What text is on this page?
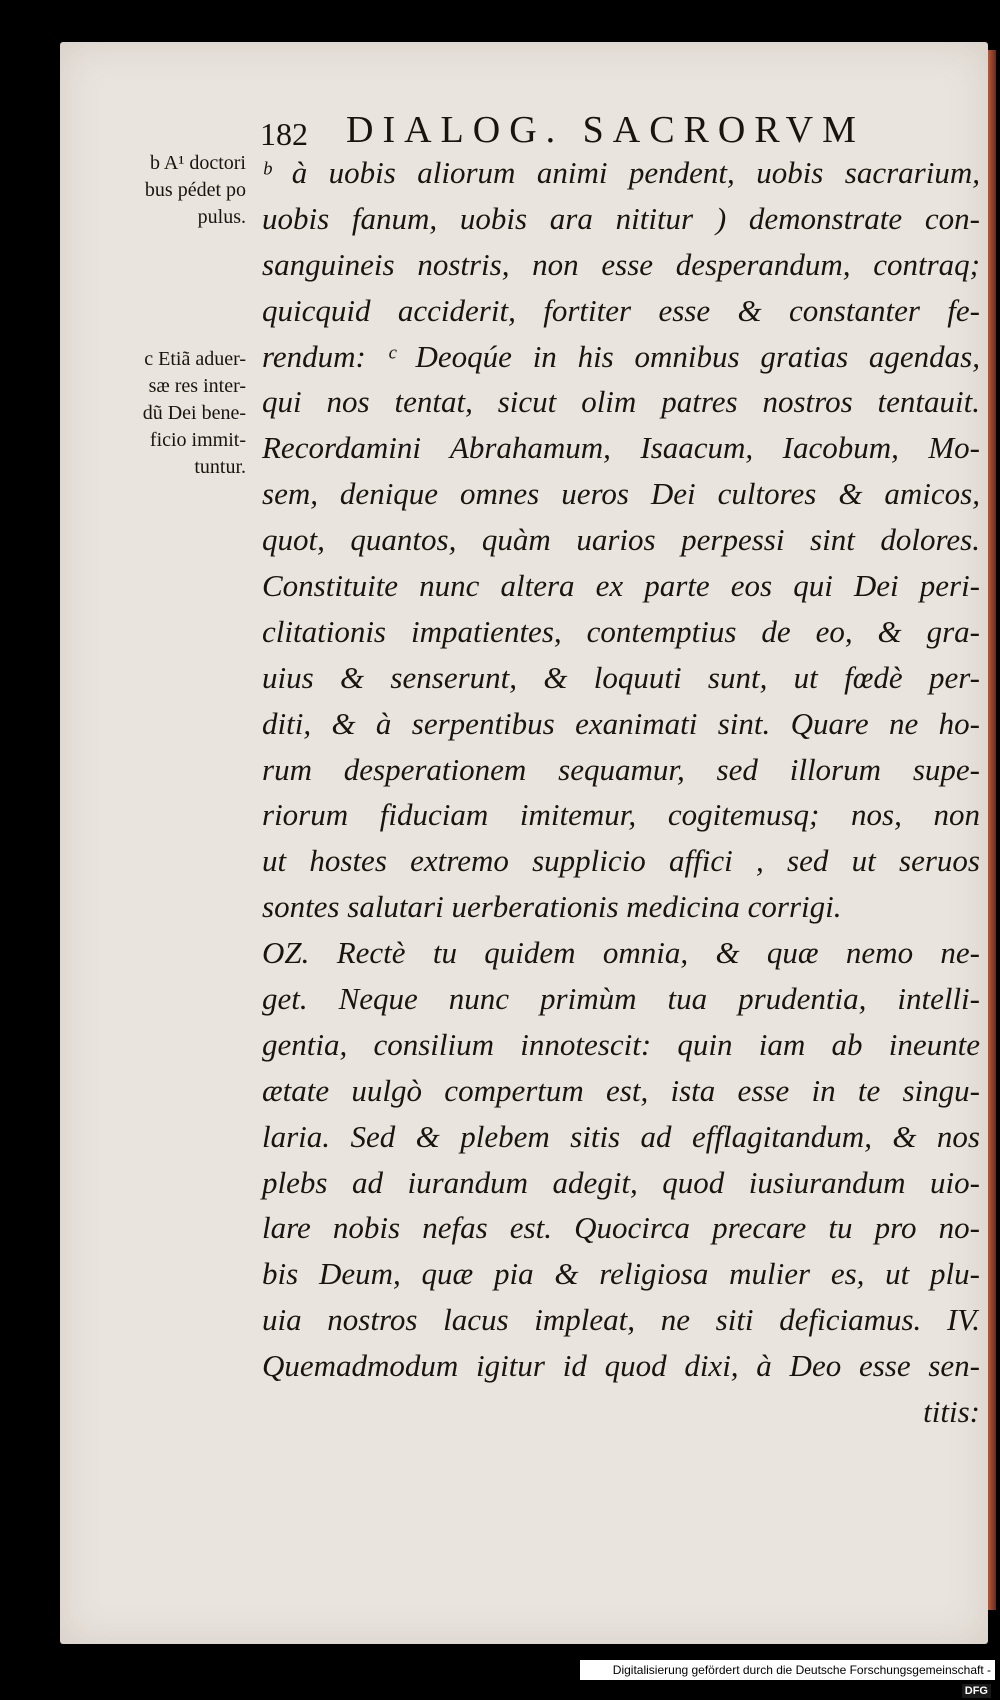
182 DIALOG. SACRORVM
b A¹ doctori
bus pédet po
pulus.
c Etiã aduer-
sæ res inter-
dũ Dei bene-
ficio immit-
tuntur.
ᵇ à uobis aliorum animi pendent, uobis sacrarium,
uobis fanum, uobis ara nititur ) demonstrate con-
sanguineis nostris, non esse desperandum, contraq;
quicquid acciderit, fortiter esse & constanter fe-
rendum: ᶜ Deoqúe in his omnibus gratias agendas,
qui nos tentat, sicut olim patres nostros tentauit.
Recordamini Abrahamum, Isaacum, Iacobum, Mo-
sem, denique omnes ueros Dei cultores & amicos,
quot, quantos, quàm uarios perpessi sint dolores.
Constituite nunc altera ex parte eos qui Dei peri-
clitationis impatientes, contemptius de eo, & gra-
uius & senserunt, & loquuti sunt, ut fœdè per-
diti, & à serpentibus exanimati sint. Quare ne ho-
rum desperationem sequamur, sed illorum supe-
riorum fiduciam imitemur, cogitemusq; nos, non
ut hostes extremo supplicio affici , sed ut seruos
sontes salutari uerberationis medicina corrigi.
OZ. Rectè tu quidem omnia, & quæ nemo ne-
get. Neque nunc primùm tua prudentia, intelli-
gentia, consilium innotescit: quin iam ab ineunte
ætate uulgò compertum est, ista esse in te singu-
laria. Sed & plebem sitis ad efflagitandum, & nos
plebs ad iurandum adegit, quod iusiurandum uio-
lare nobis nefas est. Quocirca precare tu pro no-
bis Deum, quæ pia & religiosa mulier es, ut plu-
uia nostros lacus impleat, ne siti deficiamus. IV.
Quemadmodum igitur id quod dixi, à Deo esse sen-
titis:
Digitalisierung gefördert durch die Deutsche Forschungsgemeinschaft - DFG
